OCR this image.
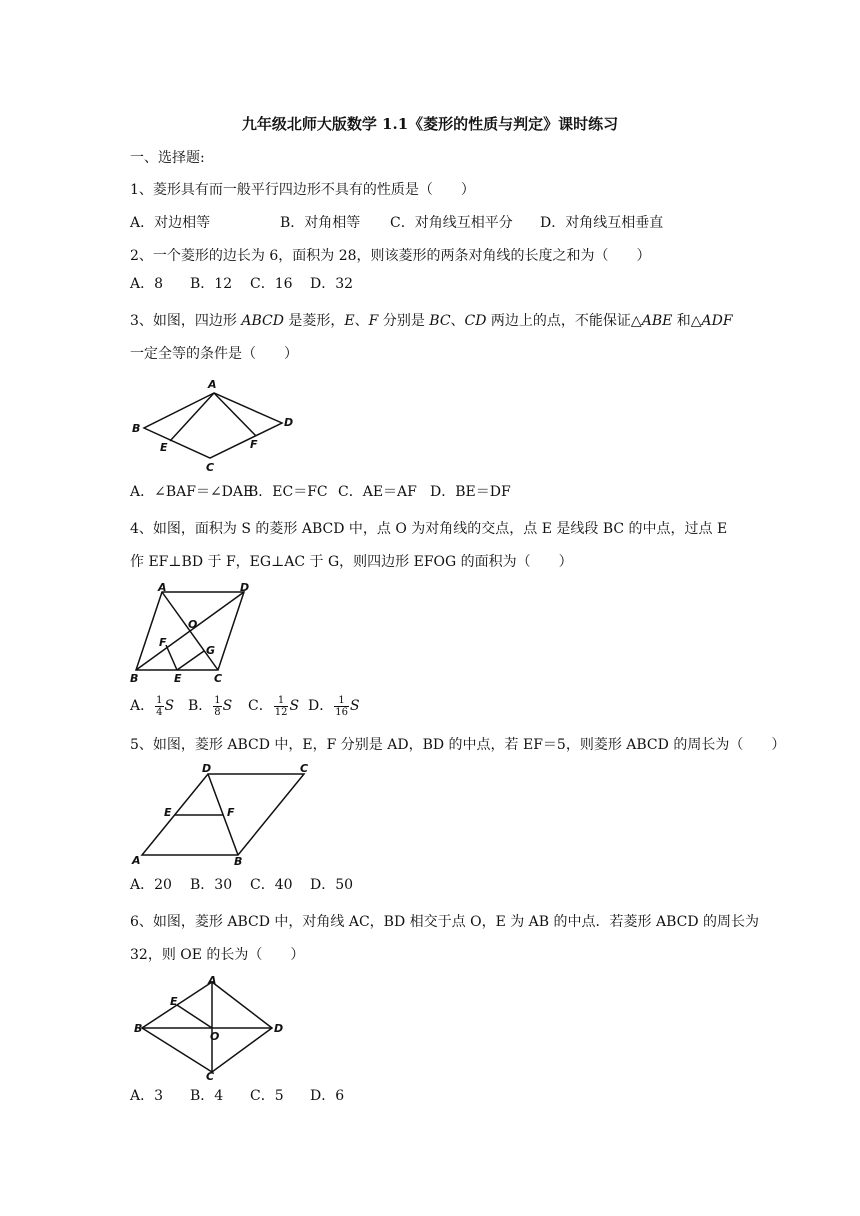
九年级北师大版数学 1.1《菱形的性质与判定》课时练习
一、选择题:
1、菱形具有而一般平行四边形不具有的性质是（　　）
A．对边相等	B．对角相等 C．对角线互相平分 D．对角线互相垂直
2、一个菱形的边长为 6，面积为 28，则该菱形的两条对角线的长度之和为（　　）
A．8 B．12 C．16 D．32
3、如图，四边形 ABCD 是菱形，E、F 分别是 BC、CD 两边上的点，不能保证△ABE 和△ADF
一定全等的条件是（　　）
A
B
C
D
E	F
A．∠BAF＝∠DAEB．EC＝FC C．AE＝AF D．BE＝DF
4、如图，面积为 S 的菱形 ABCD 中，点 O 为对角线的交点，点 E 是线段 BC 的中点，过点 E
作 EF⊥BD 于 F，EG⊥AC 于 G，则四边形 EFOG 的面积为（　　）
A	D
O
F
G
B	E	C
A． $\frac{1}{4}$ S B． $\frac{1}{8}$ S C． $\frac{1}{12}$ S D． $\frac{1}{16}$ S
5、如图，菱形 ABCD 中，E，F 分别是 AD，BD 的中点，若 EF＝5，则菱形 ABCD 的周长为（　　）
D	C
E	F
A	B
A．20 B．30 C．40 D．50
6、如图，菱形 ABCD 中，对角线 AC，BD 相交于点 O，E 为 AB 的中点．若菱形 ABCD 的周长为
32，则 OE 的长为（　　）
A
E
B
O
D
C
A．3 B．4 C．5 D．6
